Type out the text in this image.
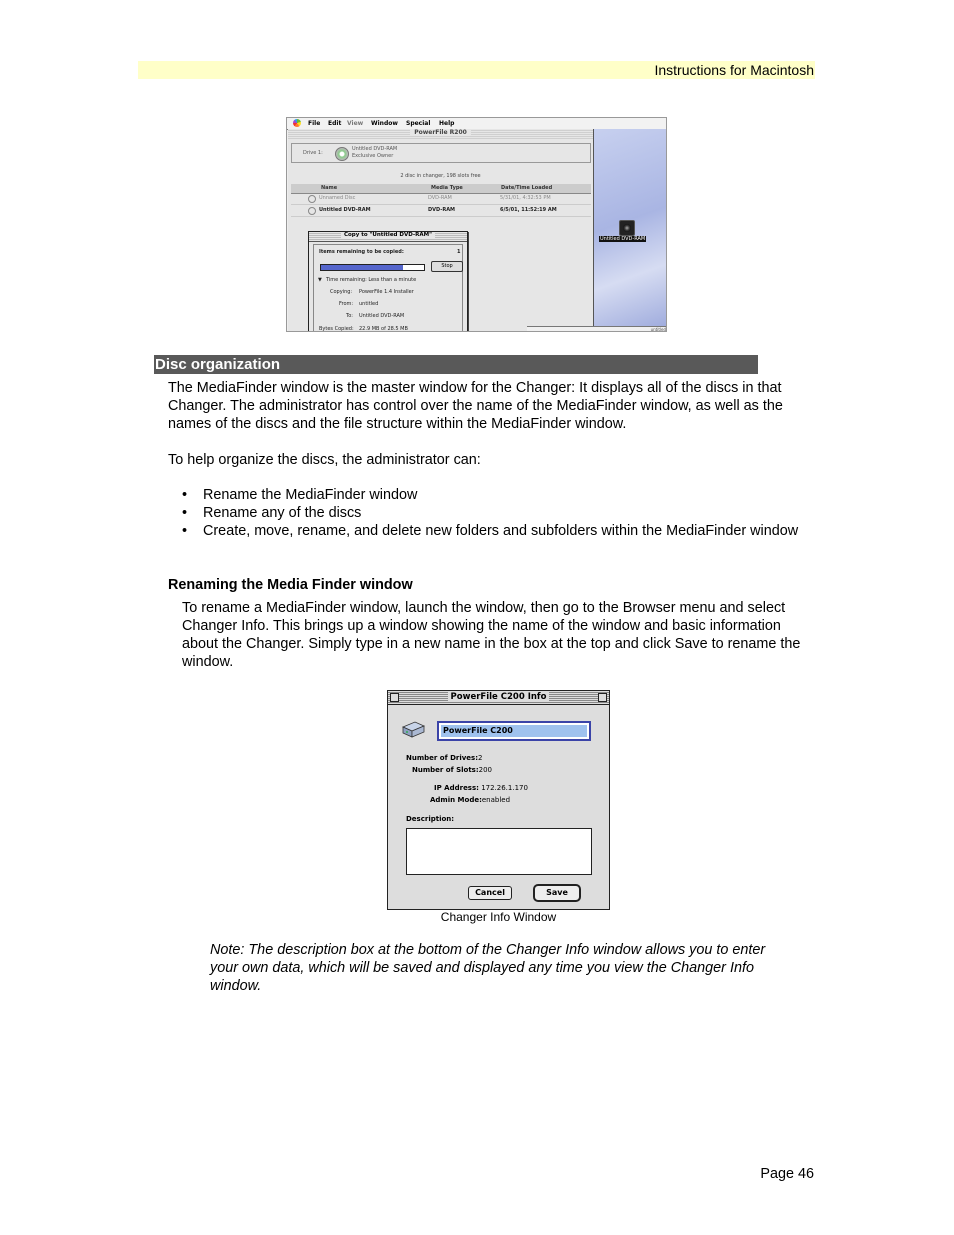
Instructions for Macintosh
File Edit View Window Special Help
PowerFile R200
Drive 1:
Untitled DVD-RAM
Exclusive Owner
2 disc in changer, 198 slots free
Name	Media Type	Date/Time Loaded
Unnamed Disc	DVD-RAM	5/31/01, 4:32:53 PM
Untitled DVD-RAM	DVD-RAM	6/5/01, 11:52:19 AM
Copy to "Untitled DVD-RAM"
Items remaining to be copied:	1
Stop
▼ Time remaining: Less than a minute
Copying: PowerFile 1.4 Installer
From: untitled
To: Untitled DVD-RAM
Bytes Copied: 22.9 MB of 28.5 MB
Untitled DVD-RAM
untitled
Disc organization

The MediaFinder window is the master window for the Changer: It displays all of the discs in that Changer. The administrator has control over the name of the MediaFinder window, as well as the names of the discs and the file structure within the MediaFinder window.

To help organize the discs, the administrator can:

• Rename the MediaFinder window
• Rename any of the discs
• Create, move, rename, and delete new folders and subfolders within the MediaFinder window
Renaming the Media Finder window

To rename a MediaFinder window, launch the window, then go to the Browser menu and select Changer Info. This brings up a window showing the name of the window and basic information about the Changer. Simply type in a new name in the box at the top and click Save to rename the window.

PowerFile C200 Info
PowerFile C200
Number of Drives:2
Number of Slots:200
IP Address: 172.26.1.170
Admin Mode:enabled
Description:
Cancel	Save
Changer Info Window

Note: The description box at the bottom of the Changer Info window allows you to enter your own data, which will be saved and displayed any time you view the Changer Info window.

Page 46
